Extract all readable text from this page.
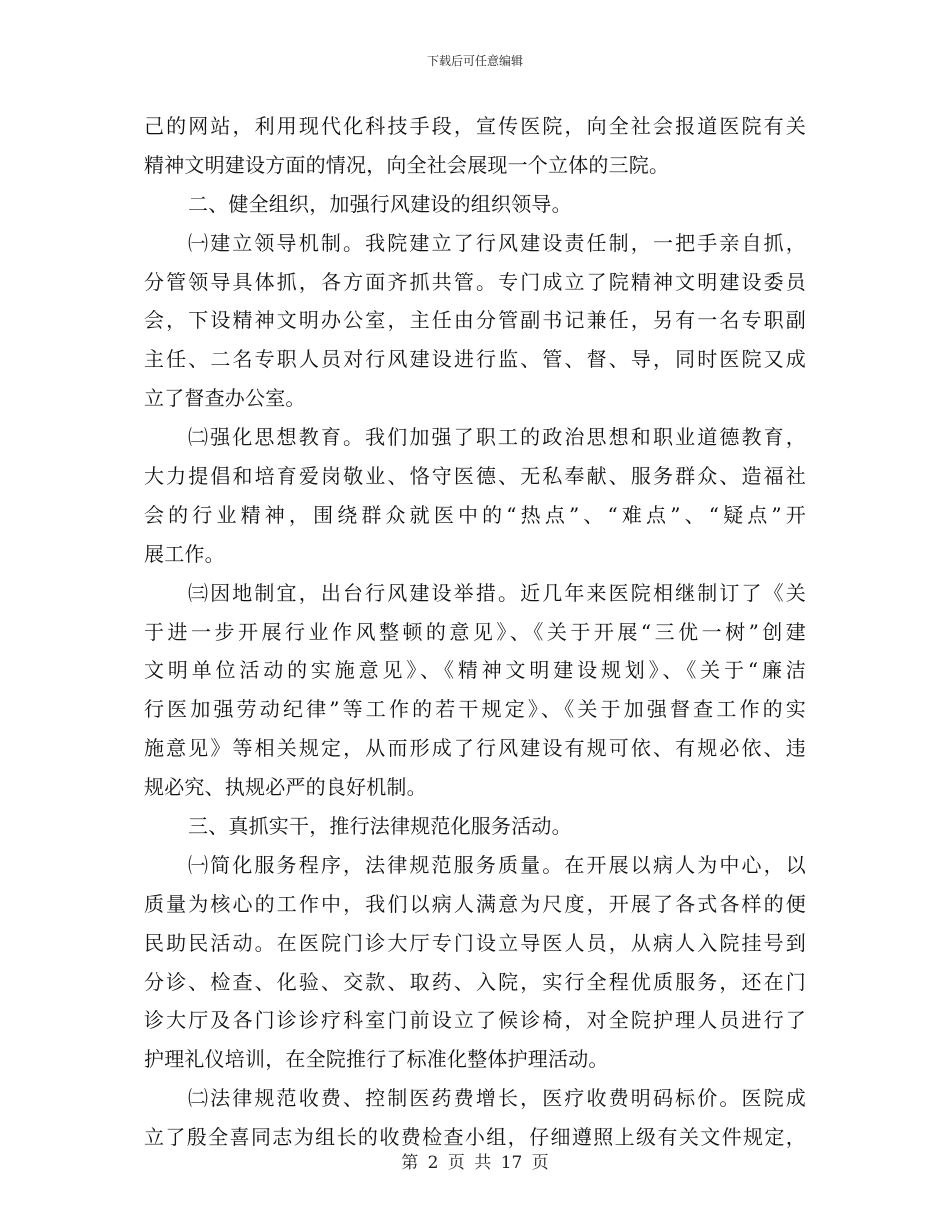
下载后可任意编辑
己的网站，利用现代化科技手段，宣传医院，向全社会报道医院有关
精神文明建设方面的情况，向全社会展现一个立体的三院。
二、健全组织，加强行风建设的组织领导。
㈠建立领导机制。我院建立了行风建设责任制，一把手亲自抓，
分管领导具体抓，各方面齐抓共管。专门成立了院精神文明建设委员
会，下设精神文明办公室，主任由分管副书记兼任，另有一名专职副
主任、二名专职人员对行风建设进行监、管、督、导，同时医院又成
立了督查办公室。
㈡强化思想教育。我们加强了职工的政治思想和职业道德教育，
大力提倡和培育爱岗敬业、恪守医德、无私奉献、服务群众、造福社
会的行业精神，围绕群众就医中的“热点”、“难点”、“疑点”开
展工作。
㈢因地制宜，出台行风建设举措。近几年来医院相继制订了《关
于进一步开展行业作风整顿的意见》、《关于开展“三优一树”创建
文明单位活动的实施意见》、《精神文明建设规划》、《关于“廉洁
行医加强劳动纪律”等工作的若干规定》、《关于加强督查工作的实
施意见》等相关规定，从而形成了行风建设有规可依、有规必依、违
规必究、执规必严的良好机制。
三、真抓实干，推行法律规范化服务活动。
㈠简化服务程序，法律规范服务质量。在开展以病人为中心，以
质量为核心的工作中，我们以病人满意为尺度，开展了各式各样的便
民助民活动。在医院门诊大厅专门设立导医人员，从病人入院挂号到
分诊、检查、化验、交款、取药、入院，实行全程优质服务，还在门
诊大厅及各门诊诊疗科室门前设立了候诊椅，对全院护理人员进行了
护理礼仪培训，在全院推行了标准化整体护理活动。
㈡法律规范收费、控制医药费增长，医疗收费明码标价。医院成
立了殷全喜同志为组长的收费检查小组，仔细遵照上级有关文件规定，
第 2 页 共 17 页
